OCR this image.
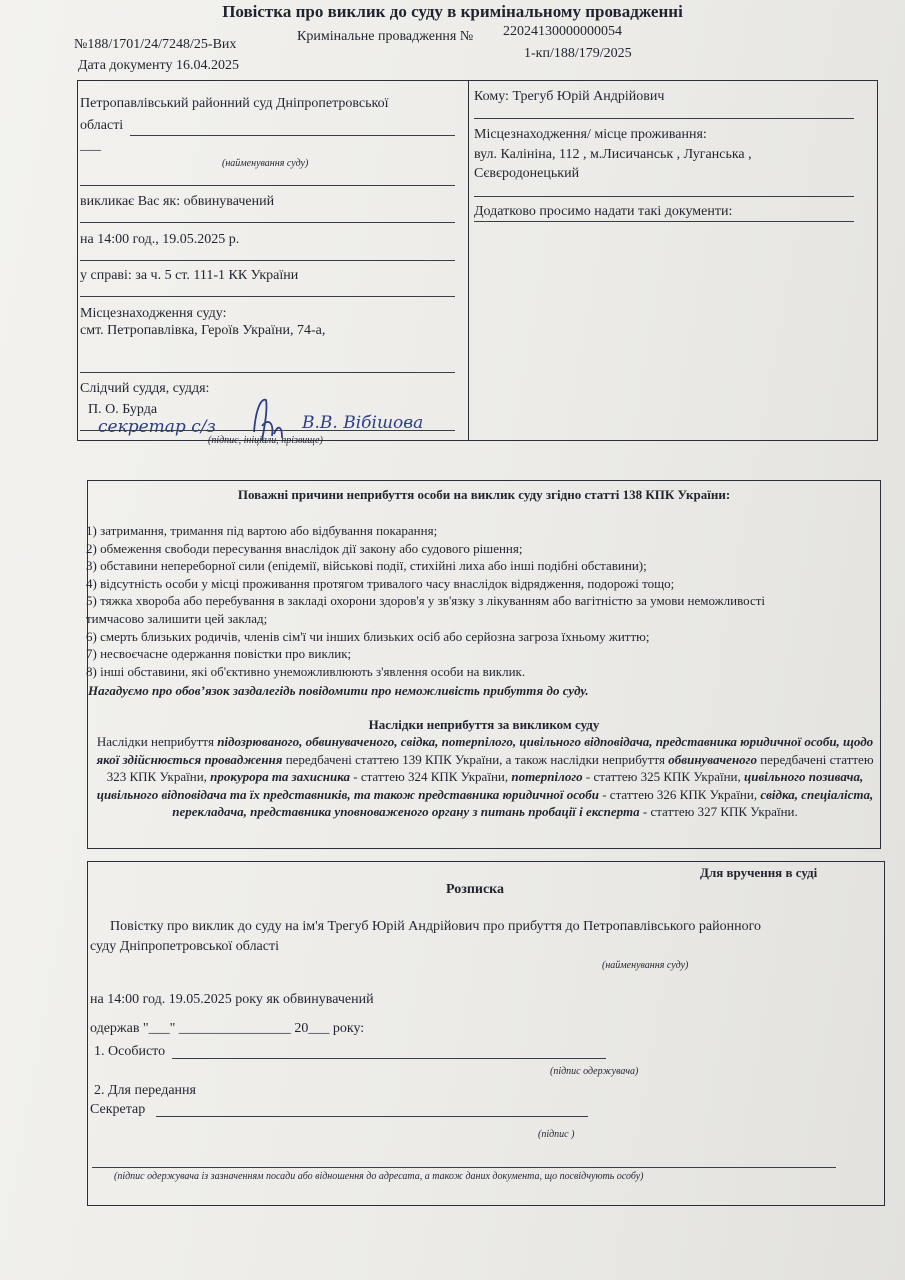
Повістка про виклик до суду в кримінальному провадженні
№188/1701/24/7248/25-Вих
Кримінальне провадження № 22024130000000054
Дата документу 16.04.2025
1-кп/188/179/2025
Петропавлівський районний суд Дніпропетровської
області
___
(найменування суду)
викликає Вас як: обвинувачений
на 14:00 год., 19.05.2025 р.
у справі: за ч. 5 ст. 111-1 КК України
Місцезнаходження суду:
смт. Петропавлівка, Героїв України, 74-а,
Слідчий суддя, суддя:
П. О. Бурда
секретар с/з	В.В. Вібішова
(підпис, ініціали, прізвище)
Кому: Трегуб Юрій Андрійович
Місцезнаходження/ місце проживання:
вул. Калініна, 112 , м.Лисичанськ , Луганська ,
Сєвєродонецький
Додатково просимо надати такі документи:
Поважні причини неприбуття особи на виклик суду згідно статті 138 КПК України:
1) затримання, тримання під вартою або відбування покарання;
2) обмеження свободи пересування внаслідок дії закону або судового рішення;
3) обставини непереборної сили (епідемії, військові події, стихійні лиха або інші подібні обставини);
4) відсутність особи у місці проживання протягом тривалого часу внаслідок відрядження, подорожі тощо;
5) тяжка хвороба або перебування в закладі охорони здоров'я у зв'язку з лікуванням або вагітністю за умови неможливості
тимчасово залишити цей заклад;
6) смерть близьких родичів, членів сім'ї чи інших близьких осіб або серйозна загроза їхньому життю;
7) несвоєчасне одержання повістки про виклик;
8) інші обставини, які об'єктивно унеможливлюють з'явлення особи на виклик.
Нагадуємо про обов’язок заздалегідь повідомити про неможливість прибуття до суду.
Наслідки неприбуття за викликом суду

Наслідки неприбуття підозрюваного, обвинуваченого, свідка, потерпілого, цивільного відповідача, представника юридичної особи, щодо якої здійснюється провадження передбачені статтею 139 КПК України, а також наслідки неприбуття обвинуваченого передбачені статтею 323 КПК України, прокурора та захисника - статтею 324 КПК України, потерпілого - статтею 325 КПК України, цивільного позивача, цивільного відповідача та їх представників, та також представника юридичної особи - статтею 326 КПК України, свідка, спеціаліста, перекладача, представника уповноваженого органу з питань пробації і експерта - статтею 327 КПК України.

Для вручення в суді
Розписка
Повістку про виклик до суду на ім'я Трегуб Юрій Андрійович про прибуття до Петропавлівського районного
суду Дніпропетровської області
(найменування суду)
на 14:00 год. 19.05.2025 року як обвинувачений
одержав "___" ________________ 20___ року:
1. Особисто
(підпис одержувача)
2. Для передання
Секретар
(підпис )
(підпис одержувача із зазначенням посади або відношення до адресата, а також даних документа, що посвідчують особу)
